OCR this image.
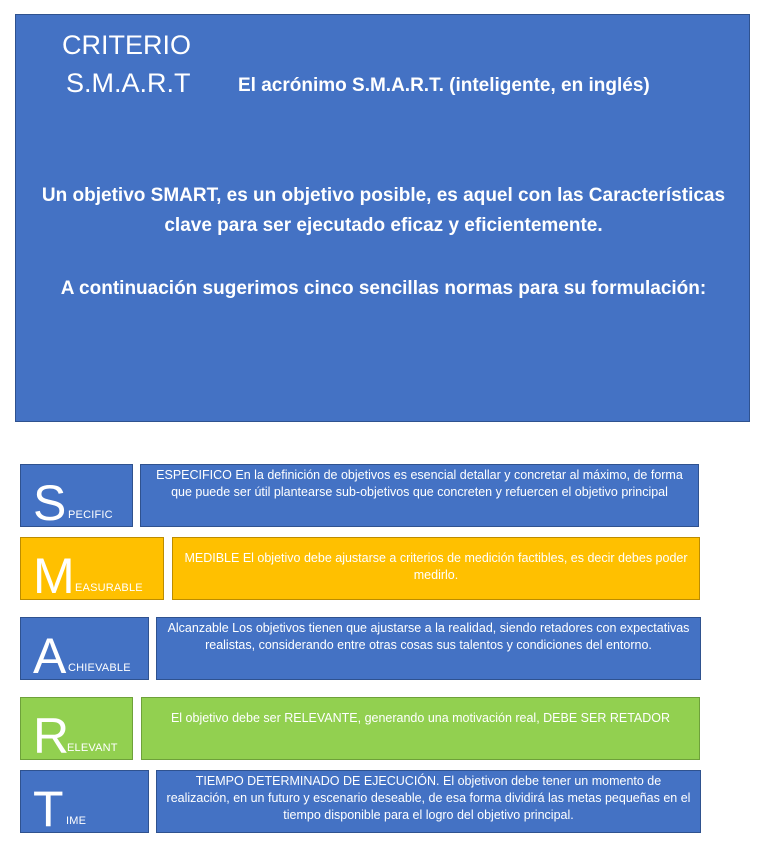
CRITERIO
S.M.A.R.T El acrónimo S.M.A.R.T. (inteligente, en inglés)
Un objetivo SMART, es un objetivo posible, es aquel con las Características clave para ser ejecutado eficaz y eficientemente.
A continuación sugerimos cinco sencillas normas para su formulación:
S PECIFIC
ESPECIFICO En la definición de objetivos es esencial detallar y concretar al máximo, de forma que puede ser útil plantearse sub-objetivos que concreten y refuercen el objetivo principal
M EASURABLE
MEDIBLE El objetivo debe ajustarse a criterios de medición factibles, es decir debes poder medirlo.
A CHIEVABLE
Alcanzable Los objetivos tienen que ajustarse a la realidad, siendo retadores con expectativas realistas, considerando entre otras cosas sus talentos y condiciones del entorno.
R
ELEVANT
El objetivo debe ser RELEVANTE, generando una motivación real, DEBE SER RETADOR
T IME
TIEMPO DETERMINADO DE EJECUCIÓN. El objetivon debe tener un momento de realización, en un futuro y escenario deseable, de esa forma dividirá las metas pequeñas en el tiempo disponible para el logro del objetivo principal.
